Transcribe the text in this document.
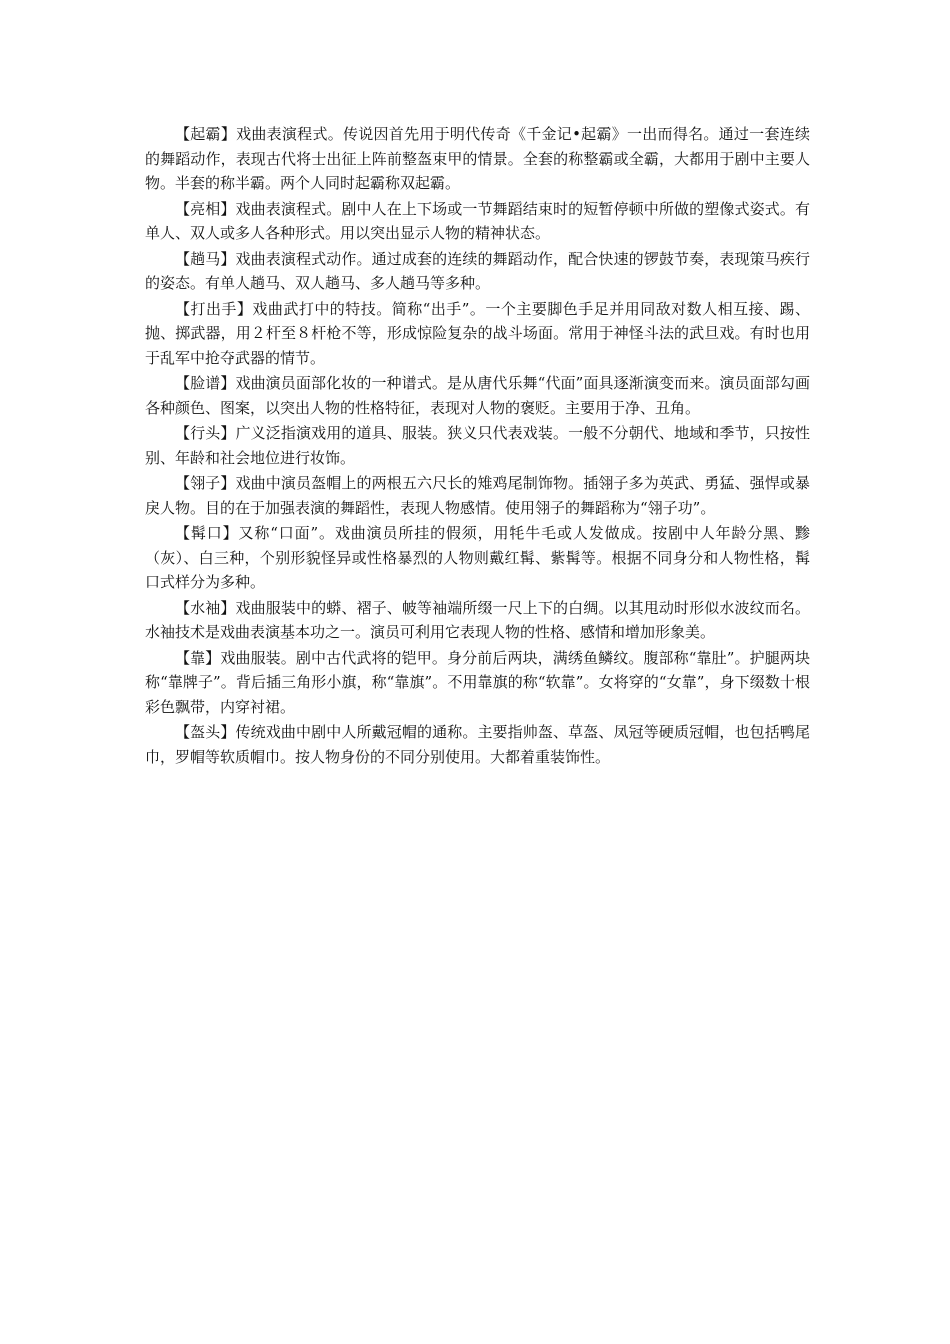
【起霸】戏曲表演程式。传说因首先用于明代传奇《千金记•起霸》一出而得名。通过一套连续的舞蹈动作，表现古代将士出征上阵前整盔束甲的情景。全套的称整霸或全霸，大都用于剧中主要人物。半套的称半霸。两个人同时起霸称双起霸。

【亮相】戏曲表演程式。剧中人在上下场或一节舞蹈结束时的短暂停顿中所做的塑像式姿式。有单人、双人或多人各种形式。用以突出显示人物的精神状态。

【趟马】戏曲表演程式动作。通过成套的连续的舞蹈动作，配合快速的锣鼓节奏，表现策马疾行的姿态。有单人趟马、双人趟马、多人趟马等多种。

【打出手】戏曲武打中的特技。简称“出手”。一个主要脚色手足并用同敌对数人相互接、踢、抛、掷武器，用２杆至８杆枪不等，形成惊险复杂的战斗场面。常用于神怪斗法的武旦戏。有时也用于乱军中抢夺武器的情节。

【脸谱】戏曲演员面部化妆的一种谱式。是从唐代乐舞“代面”面具逐渐演变而来。演员面部勾画各种颜色、图案，以突出人物的性格特征，表现对人物的褒贬。主要用于净、丑角。

【行头】广义泛指演戏用的道具、服装。狭义只代表戏装。一般不分朝代、地域和季节，只按性别、年龄和社会地位进行妆饰。

【翎子】戏曲中演员盔帽上的两根五六尺长的雉鸡尾制饰物。插翎子多为英武、勇猛、强悍或暴戾人物。目的在于加强表演的舞蹈性，表现人物感情。使用翎子的舞蹈称为“翎子功”。

【髯口】又称“口面”。戏曲演员所挂的假须，用牦牛毛或人发做成。按剧中人年龄分黑、黪（灰）、白三种，个别形貌怪异或性格暴烈的人物则戴红髯、紫髯等。根据不同身分和人物性格，髯口式样分为多种。

【水袖】戏曲服装中的蟒、褶子、帔等袖端所缀一尺上下的白绸。以其甩动时形似水波纹而名。水袖技术是戏曲表演基本功之一。演员可利用它表现人物的性格、感情和增加形象美。

【靠】戏曲服装。剧中古代武将的铠甲。身分前后两块，满绣鱼鳞纹。腹部称“靠肚”。护腿两块称“靠牌子”。背后插三角形小旗，称“靠旗”。不用靠旗的称“软靠”。女将穿的“女靠”，身下缀数十根彩色飘带，内穿衬裙。

【盔头】传统戏曲中剧中人所戴冠帽的通称。主要指帅盔、草盔、凤冠等硬质冠帽，也包括鸭尾巾，罗帽等软质帽巾。按人物身份的不同分别使用。大都着重装饰性。
